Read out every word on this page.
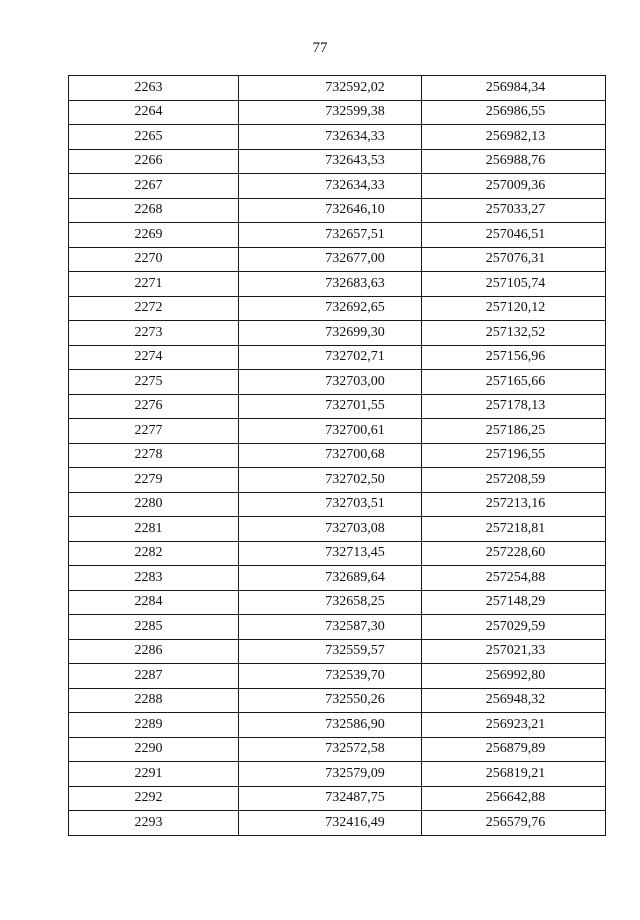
77
2263	732592,02	256984,34
2264	732599,38	256986,55
2265	732634,33	256982,13
2266	732643,53	256988,76
2267	732634,33	257009,36
2268	732646,10	257033,27
2269	732657,51	257046,51
2270	732677,00	257076,31
2271	732683,63	257105,74
2272	732692,65	257120,12
2273	732699,30	257132,52
2274	732702,71	257156,96
2275	732703,00	257165,66
2276	732701,55	257178,13
2277	732700,61	257186,25
2278	732700,68	257196,55
2279	732702,50	257208,59
2280	732703,51	257213,16
2281	732703,08	257218,81
2282	732713,45	257228,60
2283	732689,64	257254,88
2284	732658,25	257148,29
2285	732587,30	257029,59
2286	732559,57	257021,33
2287	732539,70	256992,80
2288	732550,26	256948,32
2289	732586,90	256923,21
2290	732572,58	256879,89
2291	732579,09	256819,21
2292	732487,75	256642,88
2293	732416,49	256579,76
